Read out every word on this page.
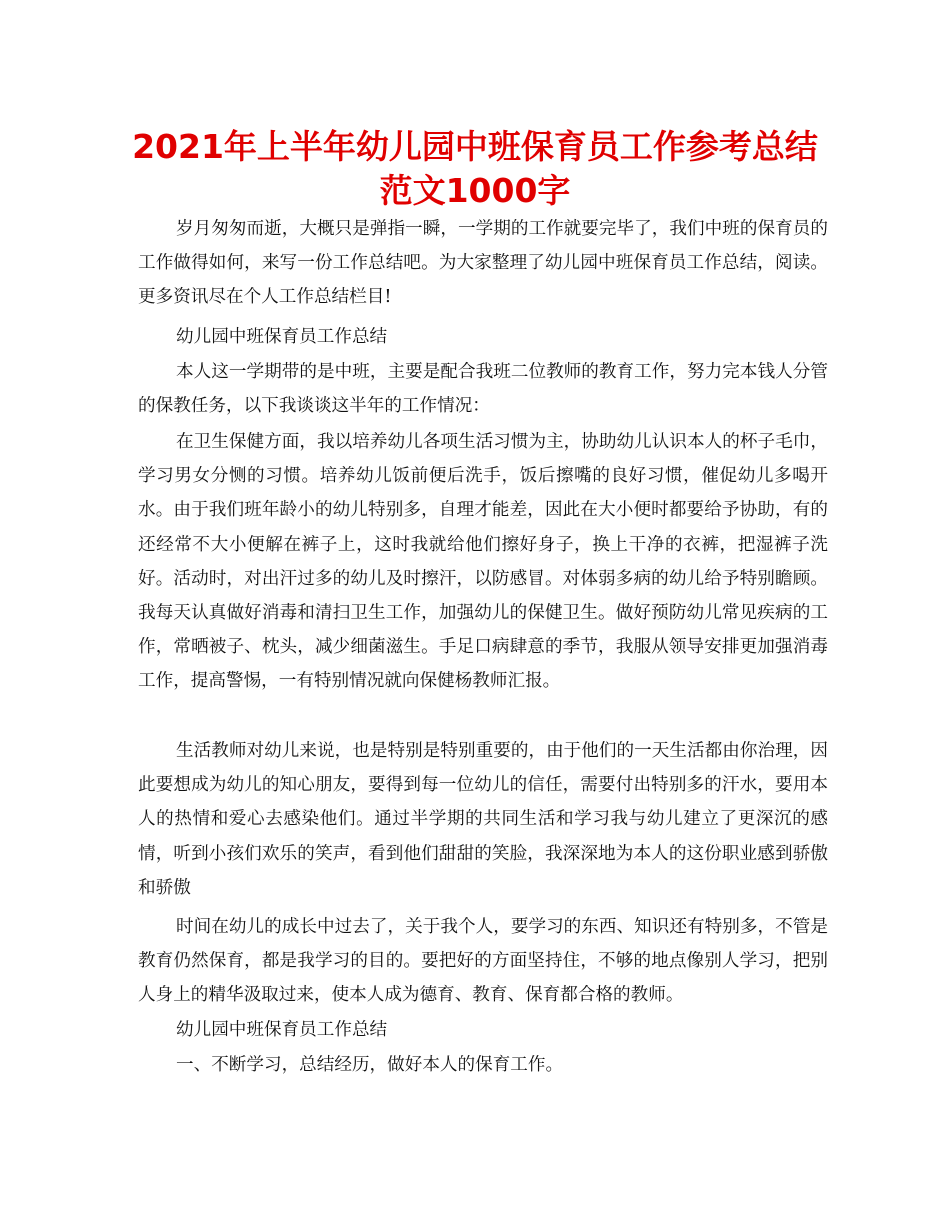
2021年上半年幼儿园中班保育员工作参考总结
范文1000字

岁月匆匆而逝，大概只是弹指一瞬，一学期的工作就要完毕了，我们中班的保育员的工作做得如何，来写一份工作总结吧。为大家整理了幼儿园中班保育员工作总结，阅读。更多资讯尽在个人工作总结栏目!

幼儿园中班保育员工作总结

本人这一学期带的是中班，主要是配合我班二位教师的教育工作，努力完本钱人分管的保教任务，以下我谈谈这半年的工作情况：

在卫生保健方面，我以培养幼儿各项生活习惯为主，协助幼儿认识本人的杯子毛巾，学习男女分恻的习惯。培养幼儿饭前便后洗手，饭后擦嘴的良好习惯，催促幼儿多喝开水。由于我们班年龄小的幼儿特别多，自理才能差，因此在大小便时都要给予协助，有的还经常不大小便解在裤子上，这时我就给他们擦好身子，换上干净的衣裤，把湿裤子洗好。活动时，对出汗过多的幼儿及时擦汗，以防感冒。对体弱多病的幼儿给予特别瞻顾。我每天认真做好消毒和清扫卫生工作，加强幼儿的保健卫生。做好预防幼儿常见疾病的工作，常晒被子、枕头，减少细菌滋生。手足口病肆意的季节，我服从领导安排更加强消毒工作，提高警惕，一有特别情况就向保健杨教师汇报。

生活教师对幼儿来说，也是特别是特别重要的，由于他们的一天生活都由你治理，因此要想成为幼儿的知心朋友，要得到每一位幼儿的信任，需要付出特别多的汗水，要用本人的热情和爱心去感染他们。通过半学期的共同生活和学习我与幼儿建立了更深沉的感情，听到小孩们欢乐的笑声，看到他们甜甜的笑脸，我深深地为本人的这份职业感到骄傲和骄傲

时间在幼儿的成长中过去了，关于我个人，要学习的东西、知识还有特别多，不管是教育仍然保育，都是我学习的目的。要把好的方面坚持住，不够的地点像别人学习，把别人身上的精华汲取过来，使本人成为德育、教育、保育都合格的教师。

幼儿园中班保育员工作总结

一、不断学习，总结经历，做好本人的保育工作。
